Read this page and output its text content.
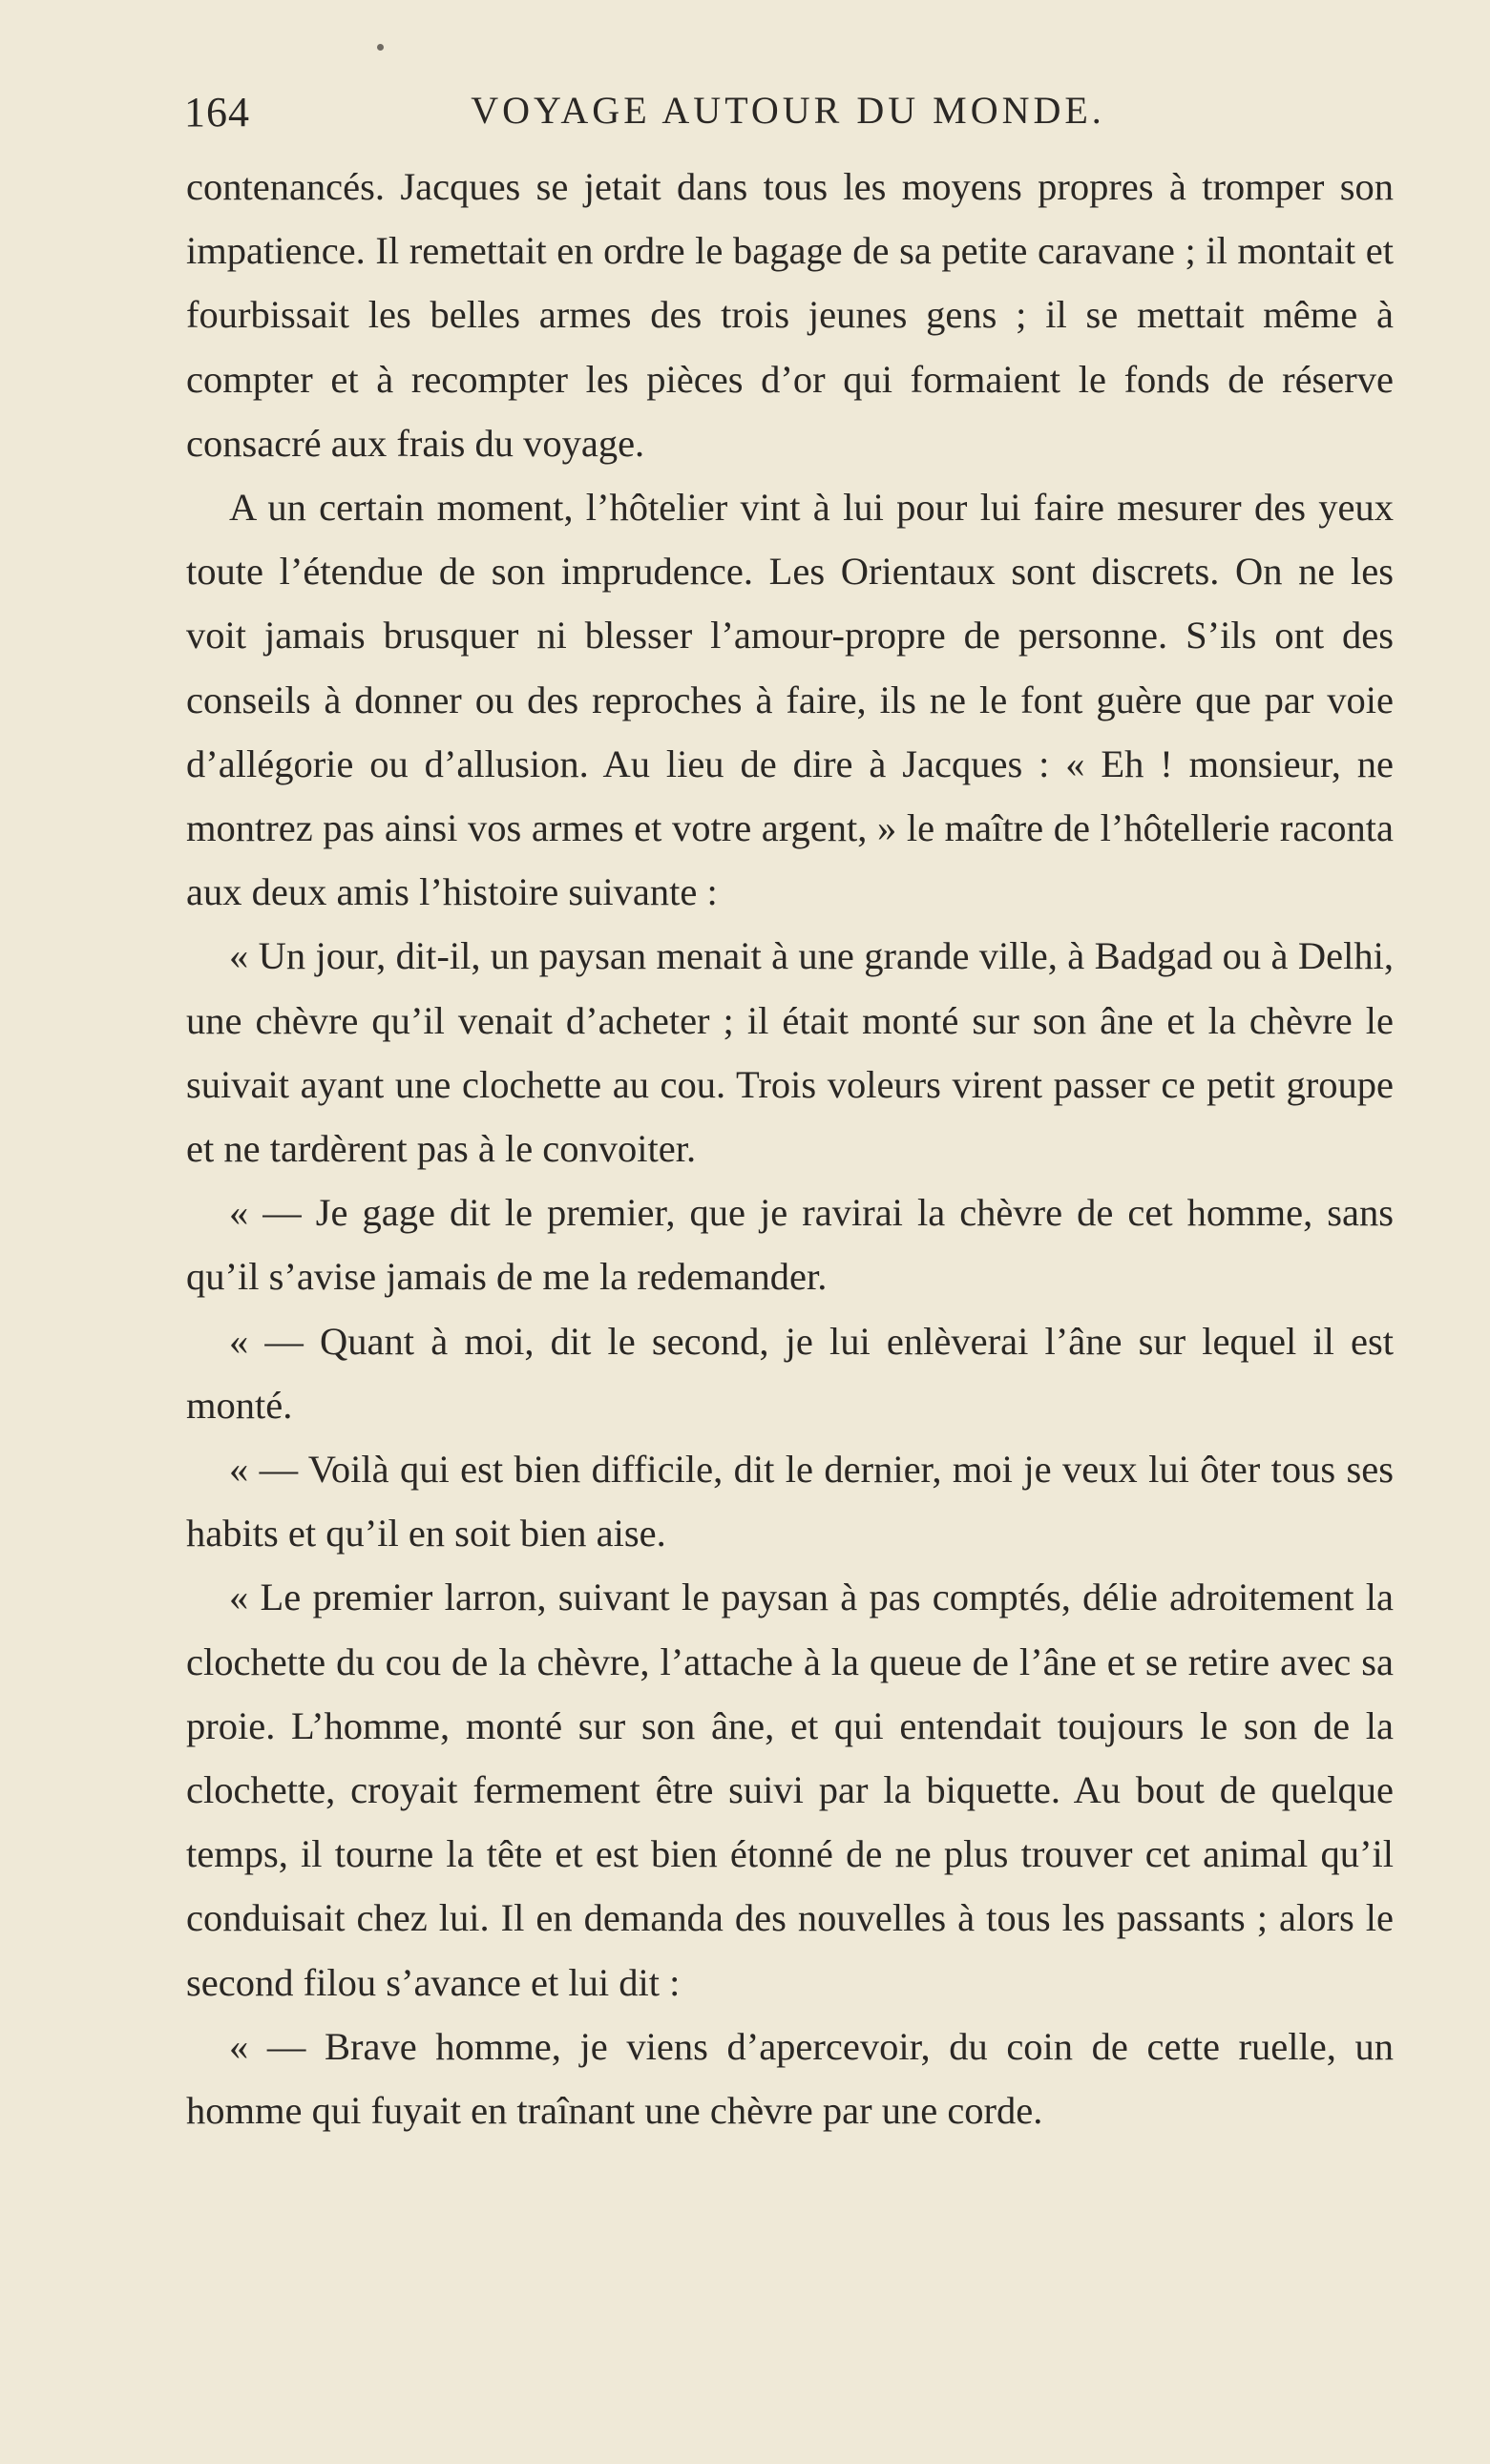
164	VOYAGE AUTOUR DU MONDE.

contenancés. Jacques se jetait dans tous les moyens propres à tromper son impatience. Il remettait en ordre le bagage de sa petite caravane ; il montait et fourbissait les belles armes des trois jeunes gens ; il se mettait même à compter et à recompter les pièces d’or qui formaient le fonds de réserve consacré aux frais du voyage.

A un certain moment, l’hôtelier vint à lui pour lui faire mesurer des yeux toute l’étendue de son imprudence. Les Orientaux sont discrets. On ne les voit jamais brusquer ni blesser l’amour-propre de personne. S’ils ont des conseils à donner ou des reproches à faire, ils ne le font guère que par voie d’allégorie ou d’allusion. Au lieu de dire à Jacques : « Eh ! monsieur, ne montrez pas ainsi vos armes et votre argent, » le maître de l’hôtellerie raconta aux deux amis l’histoire suivante :

« Un jour, dit-il, un paysan menait à une grande ville, à Badgad ou à Delhi, une chèvre qu’il venait d’acheter ; il était monté sur son âne et la chèvre le suivait ayant une clochette au cou. Trois voleurs virent passer ce petit groupe et ne tardèrent pas à le convoiter.

« — Je gage dit le premier, que je ravirai la chèvre de cet homme, sans qu’il s’avise jamais de me la redemander.

« — Quant à moi, dit le second, je lui enlèverai l’âne sur lequel il est monté.

« — Voilà qui est bien difficile, dit le dernier, moi je veux lui ôter tous ses habits et qu’il en soit bien aise.

« Le premier larron, suivant le paysan à pas comptés, délie adroitement la clochette du cou de la chèvre, l’attache à la queue de l’âne et se retire avec sa proie. L’homme, monté sur son âne, et qui entendait toujours le son de la clochette, croyait fermement être suivi par la biquette. Au bout de quelque temps, il tourne la tête et est bien étonné de ne plus trouver cet animal qu’il conduisait chez lui. Il en demanda des nouvelles à tous les passants ; alors le second filou s’avance et lui dit :

« — Brave homme, je viens d’apercevoir, du coin de cette ruelle, un homme qui fuyait en traînant une chèvre par une corde.
